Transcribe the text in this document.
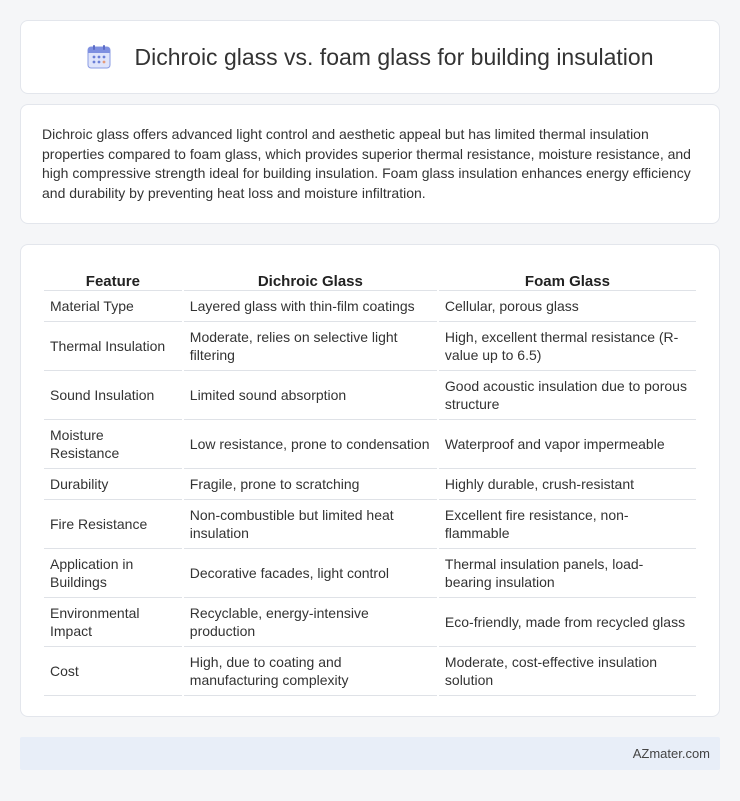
Dichroic glass vs. foam glass for building insulation

Dichroic glass offers advanced light control and aesthetic appeal but has limited thermal insulation properties compared to foam glass, which provides superior thermal resistance, moisture resistance, and high compressive strength ideal for building insulation. Foam glass insulation enhances energy efficiency and durability by preventing heat loss and moisture infiltration.

Feature	Dichroic Glass	Foam Glass
Material Type	Layered glass with thin-film coatings	Cellular, porous glass
Thermal Insulation	Moderate, relies on selective light filtering	High, excellent thermal resistance (R-value up to 6.5)
Sound Insulation	Limited sound absorption	Good acoustic insulation due to porous structure
Moisture Resistance	Low resistance, prone to condensation	Waterproof and vapor impermeable
Durability	Fragile, prone to scratching	Highly durable, crush-resistant
Fire Resistance	Non-combustible but limited heat insulation	Excellent fire resistance, non-flammable
Application in Buildings	Decorative facades, light control	Thermal insulation panels, load-bearing insulation
Environmental Impact	Recyclable, energy-intensive production	Eco-friendly, made from recycled glass
Cost	High, due to coating and manufacturing complexity	Moderate, cost-effective insulation solution
AZmater.com
